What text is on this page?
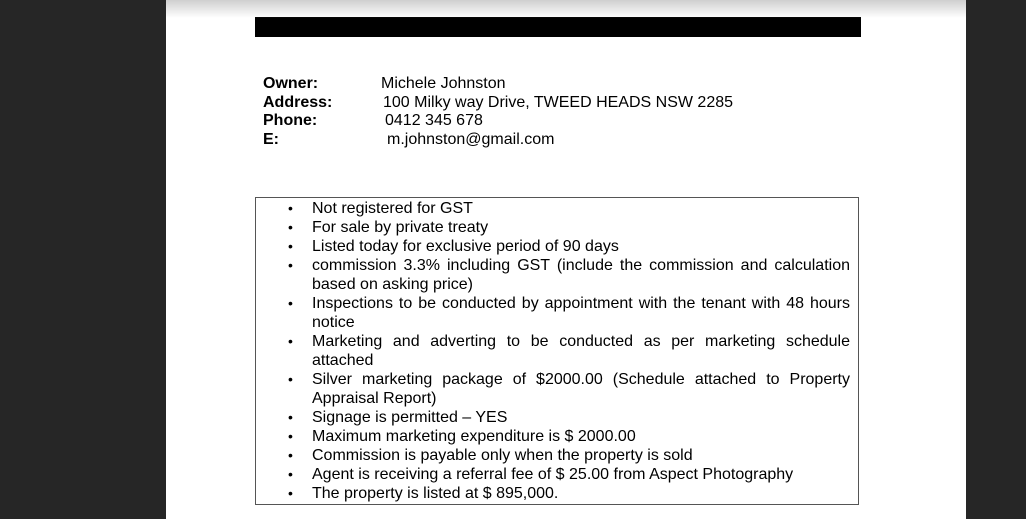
Owner:	Michele Johnston
Address:	100 Milky way Drive, TWEED HEADS NSW 2285
Phone:	0412 345 678
E:	m.johnston@gmail.com
• Not registered for GST
• For sale by private treaty
• Listed today for exclusive period of 90 days
• commission 3.3% including GST (include the commission and calculation based on asking price)
• Inspections to be conducted by appointment with the tenant with 48 hours notice
• Marketing and adverting to be conducted as per marketing schedule attached
• Silver marketing package of $2000.00 (Schedule attached to Property Appraisal Report)
• Signage is permitted – YES
• Maximum marketing expenditure is $ 2000.00
• Commission is payable only when the property is sold
• Agent is receiving a referral fee of $ 25.00 from Aspect Photography
• The property is listed at $ 895,000.
